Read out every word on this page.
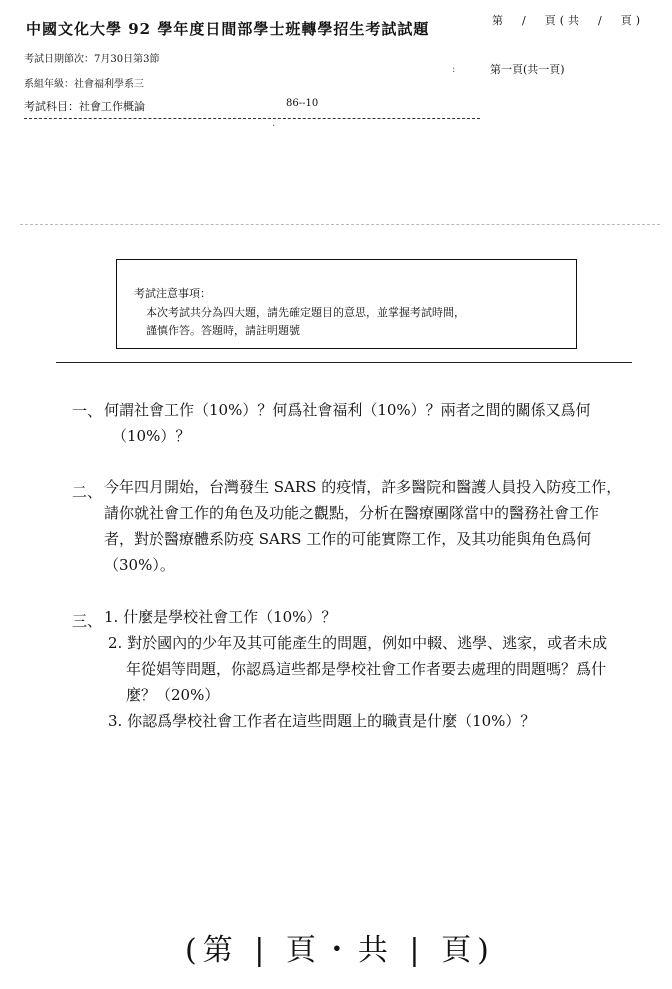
中國文化大學 92 學年度日間部學士班轉學招生考試試題	第　/　頁(共　/　頁)
考試日期節次：7月30日第3節
系組年級：社會福利學系三
考試科目：社會工作概論	86--10
第一頁(共一頁)
:
.
考試注意事項：
本次考試共分為四大題，請先確定題目的意思，並掌握考試時間，
謹慎作答。答題時，請註明題號
一、 何謂社會工作（10%）？何爲社會福利（10%）？兩者之間的關係又爲何
（10%）？
二、 今年四月開始，台灣發生 SARS 的疫情，許多醫院和醫護人員投入防疫工作，
請你就社會工作的角色及功能之觀點，分析在醫療團隊當中的醫務社會工作
者，對於醫療體系防疫 SARS 工作的可能實際工作，及其功能與角色爲何
（30%）。
三、 1. 什麼是學校社會工作（10%）？
2. 對於國內的少年及其可能產生的問題，例如中輟、逃學、逃家，或者未成
年從娼等問題，你認爲這些都是學校社會工作者要去處理的問題嗎？爲什
麼？（20%）
3. 你認爲學校社會工作者在這些問題上的職責是什麼（10%）？
(第 | 頁・共 | 頁)
